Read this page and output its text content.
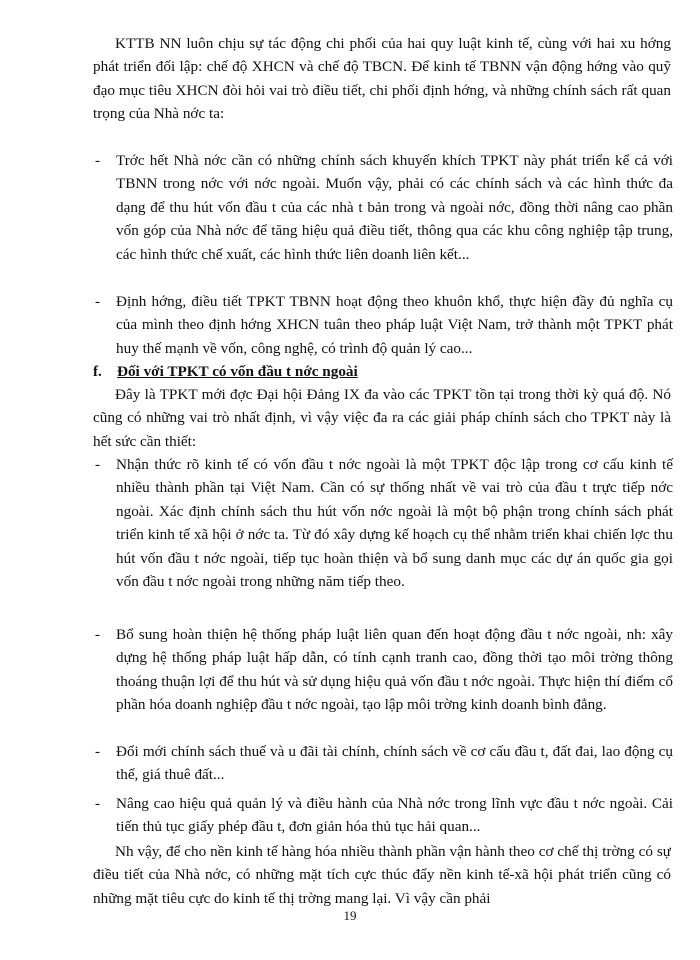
KTTB NN luôn chịu sự tác động chi phối của hai quy luật kinh tế, cùng với hai xu hớng phát triển đối lập: chế độ XHCN và chế độ TBCN. Để kinh tế TBNN vận động hớng vào quỹ đạo mục tiêu XHCN đòi hỏi vai trò điều tiết, chi phối định hớng, và những chính sách rất quan trọng của Nhà nớc ta:

-	Trớc hết Nhà nớc cần có những chính sách khuyến khích TPKT này phát triển kể cả với TBNN trong nớc với nớc ngoài. Muốn vậy, phải có các chính sách và các hình thức đa dạng để thu hút vốn đầu t của các nhà t bản trong và ngoài nớc, đồng thời nâng cao phần vốn góp của Nhà nớc để tăng hiệu quả điều tiết, thông qua các khu công nghiệp tập trung, các hình thức chế xuất, các hình thức liên doanh liên kết...
-	Định hớng, điều tiết TPKT TBNN hoạt động theo khuôn khổ, thực hiện đầy đủ nghĩa cụ của mình theo định hớng XHCN tuân theo pháp luật Việt Nam, trở thành một TPKT phát huy thế mạnh về vốn, công nghệ, có trình độ quản lý cao...
f. Đối với TPKT có vốn đầu t nớc ngoài

Đây là TPKT mới đợc Đại hội Đảng IX đa vào các TPKT tồn tại trong thời kỳ quá độ. Nó cũng có những vai trò nhất định, vì vậy việc đa ra các giải pháp chính sách cho TPKT này là hết sức cần thiết:

-	Nhận thức rõ kinh tế có vốn đầu t nớc ngoài là một TPKT độc lập trong cơ cấu kinh tế nhiều thành phần tại Việt Nam. Cần có sự thống nhất về vai trò của đầu t trực tiếp nớc ngoài. Xác định chính sách thu hút vốn nớc ngoài là một bộ phận trong chính sách phát triển kinh tế xã hội ở nớc ta. Từ đó xây dựng kế hoạch cụ thể nhằm triển khai chiến lợc thu hút vốn đầu t nớc ngoài, tiếp tục hoàn thiện và bổ sung danh mục các dự án quốc gia gọi vốn đầu t nớc ngoài trong những năm tiếp theo.
-	Bổ sung hoàn thiện hệ thống pháp luật liên quan đến hoạt động đầu t nớc ngoài, nh: xây dựng hệ thống pháp luật hấp dẫn, có tính cạnh tranh cao, đồng thời tạo môi trờng thông thoáng thuận lợi để thu hút và sử dụng hiệu quả vốn đầu t nớc ngoài. Thực hiện thí điểm cổ phần hóa doanh nghiệp đầu t nớc ngoài, tạo lập môi trờng kinh doanh bình đẳng.
-	Đổi mới chính sách thuế và u đãi tài chính, chính sách về cơ cấu đầu t, đất đai, lao động cụ thể, giá thuê đất...
-	Nâng cao hiệu quả quản lý và điều hành của Nhà nớc trong lĩnh vực đầu t nớc ngoài. Cải tiến thủ tục giấy phép đầu t, đơn giản hóa thủ tục hải quan...

Nh vậy, để cho nền kinh tế hàng hóa nhiều thành phần vận hành theo cơ chế thị trờng có sự điều tiết của Nhà nớc, có những mặt tích cực thúc đẩy nền kinh tế-xã hội phát triển cũng có những mặt tiêu cực do kinh tế thị trờng mang lại. Vì vậy cần phải

19
